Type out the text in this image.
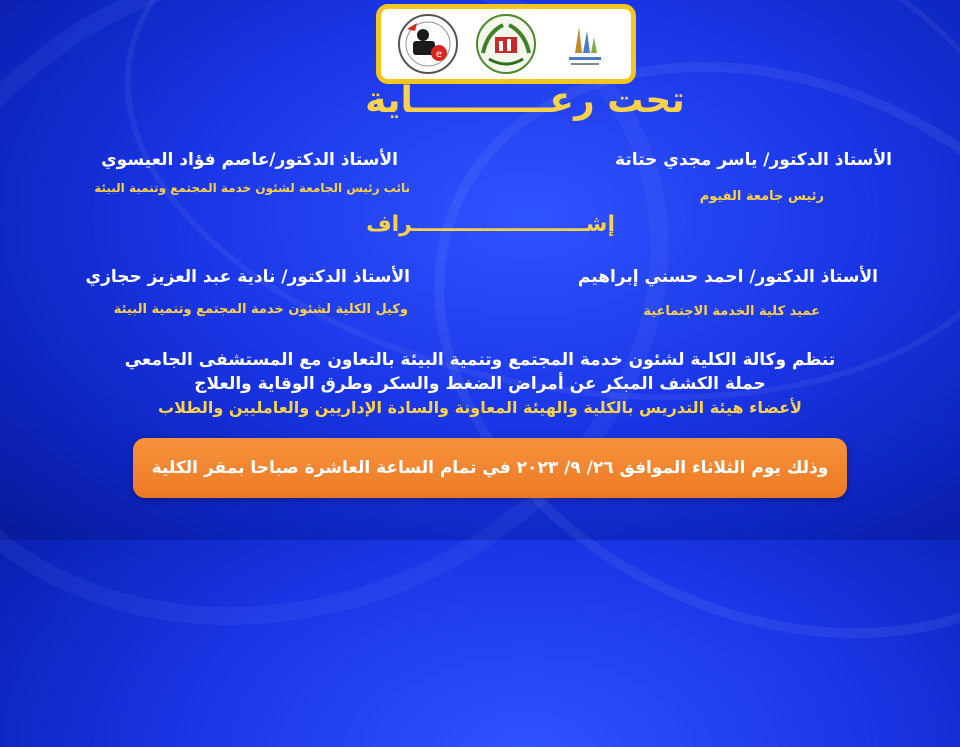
e
تحت رعـــــــــــاية
الأستاذ الدكتور/ ياسر مجدي حتاتة
رئيس جامعة الفيوم
الأستاذ الدكتور/عاصم فؤاد العيسوي
نائب رئيس الجامعة لشئون خدمة المجتمع وتنمية البيئة
إشـــــــــــــــــــــــراف
الأستاذ الدكتور/ احمد حسني إبراهيم
عميد كلية الخدمة الاجتماعية
الأستاذ الدكتور/ نادية عبد العزيز حجازي
وكيل الكلية لشئون خدمة المجتمع وتنمية البيئة
تنظم وكالة الكلية لشئون خدمة المجتمع وتنمية البيئة بالتعاون مع المستشفى الجامعي
حملة الكشف المبكر عن أمراض الضغط والسكر وطرق الوقاية والعلاج
لأعضاء هيئة التدريس بالكلية والهيئة المعاونة والسادة الإداريين والعامليين والطلاب
وذلك يوم الثلاثاء الموافق ٢٦/ ٩/ ٢٠٢٣ في تمام الساعة العاشرة صباحا بمقر الكلية
